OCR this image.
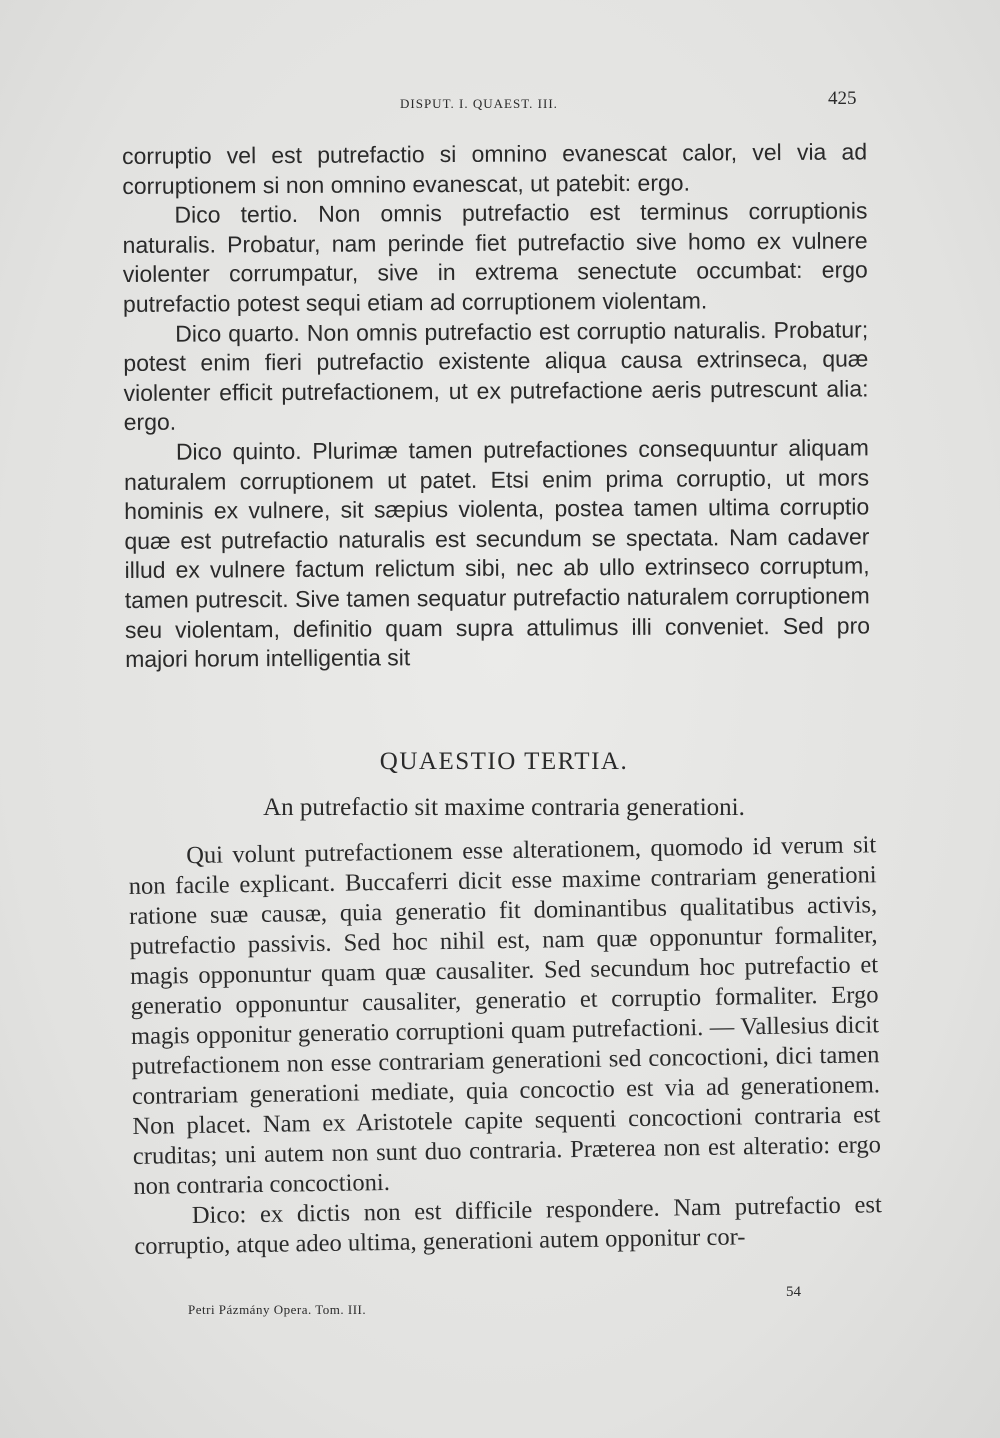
DISPUT. I. QUAEST. III.	425

corruptio vel est putrefactio si omnino evanescat calor, vel via ad corruptionem si non omnino evanescat, ut patebit: ergo.

Dico tertio. Non omnis putrefactio est terminus corruptionis naturalis. Probatur, nam perinde fiet putrefactio sive homo ex vulnere violenter corrumpatur, sive in extrema senectute occumbat: ergo putrefactio potest sequi etiam ad corruptionem violentam.

Dico quarto. Non omnis putrefactio est corruptio naturalis. Probatur; potest enim fieri putrefactio existente aliqua causa extrinseca, quæ violenter efficit putrefactionem, ut ex putrefactione aeris putrescunt alia: ergo.

Dico quinto. Plurimæ tamen putrefactiones consequuntur aliquam naturalem corruptionem ut patet. Etsi enim prima corruptio, ut mors hominis ex vulnere, sit sæpius violenta, postea tamen ultima corruptio quæ est putrefactio naturalis est secundum se spectata. Nam cadaver illud ex vulnere factum relictum sibi, nec ab ullo extrinseco corruptum, tamen putrescit. Sive tamen sequatur putrefactio naturalem corruptionem seu violentam, definitio quam supra attulimus illi conveniet. Sed pro majori horum intelligentia sit

QUAESTIO TERTIA.
An putrefactio sit maxime contraria generationi.

Qui volunt putrefactionem esse alterationem, quomodo id verum sit non facile explicant. Buccaferri dicit esse maxime contrariam generationi ratione suæ causæ, quia generatio fit dominantibus qualitatibus activis, putrefactio passivis. Sed hoc nihil est, nam quæ opponuntur formaliter, magis opponuntur quam quæ causaliter. Sed secundum hoc putrefactio et generatio opponuntur causaliter, generatio et corruptio formaliter. Ergo magis opponitur generatio corruptioni quam putrefactioni. — Vallesius dicit putrefactionem non esse contrariam generationi sed concoctioni, dici tamen contrariam generationi mediate, quia concoctio est via ad generationem. Non placet. Nam ex Aristotele capite sequenti concoctioni contraria est cruditas; uni autem non sunt duo contraria. Præterea non est alteratio: ergo non contraria concoctioni.

Dico: ex dictis non est difficile respondere. Nam putrefactio est corruptio, atque adeo ultima, generationi autem opponitur cor-

Petri Pázmány Opera. Tom. III.
54
